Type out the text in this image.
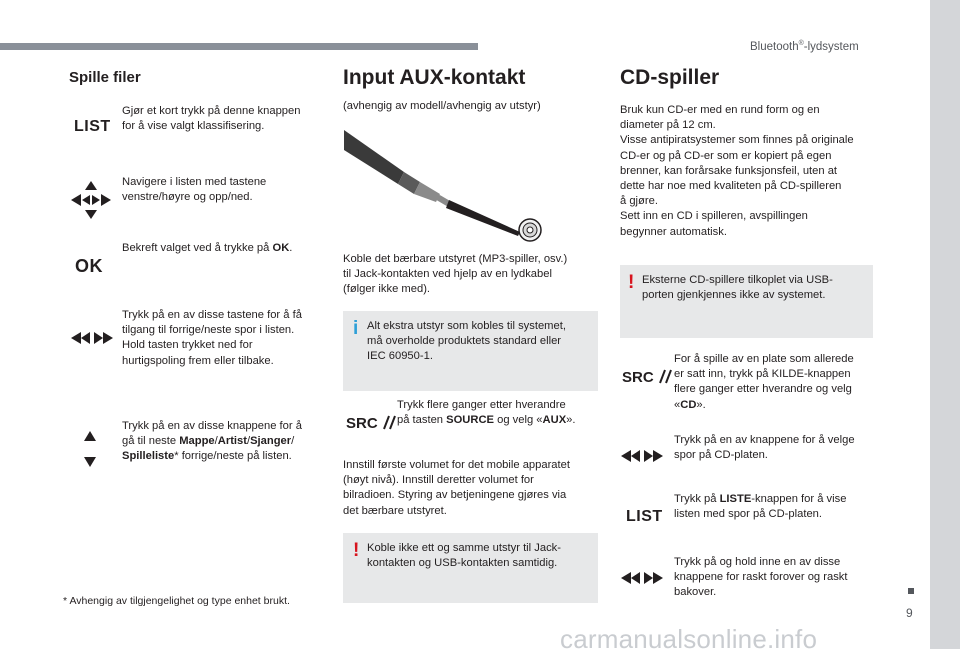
Bluetooth®-lydsystem
9
carmanualsonline.info
Spille filer
LIST
Gjør et kort trykk på denne knappen
for å vise valgt klassifisering.
Navigere i listen med tastene
venstre/høyre og opp/ned.
OK
Bekreft valget ved å trykke på OK.
Trykk på en av disse tastene for å få
tilgang til forrige/neste spor i listen.
Hold tasten trykket ned for
hurtigspoling frem eller tilbake.
Trykk på en av disse knappene for å
gå til neste Mappe/Artist/Sjanger/
Spilleliste* forrige/neste på listen.
* Avhengig av tilgjengelighet og type enhet brukt.
Input AUX-kontakt
(avhengig av modell/avhengig av utstyr)
Koble det bærbare utstyret (MP3-spiller, osv.)
til Jack-kontakten ved hjelp av en lydkabel
(følger ikke med).
i Alt ekstra utstyr som kobles til systemet,
må overholde produktets standard eller
IEC 60950-1.
SRC
Trykk flere ganger etter hverandre
på tasten SOURCE og velg «AUX».
Innstill første volumet for det mobile apparatet
(høyt nivå). Innstill deretter volumet for
bilradioen. Styring av betjeningene gjøres via
det bærbare utstyret.
! Koble ikke ett og samme utstyr til Jack-
kontakten og USB-kontakten samtidig.
CD-spiller
Bruk kun CD-er med en rund form og en
diameter på 12 cm.
Visse antipiratsystemer som finnes på originale
CD-er og på CD-er som er kopiert på egen
brenner, kan forårsake funksjonsfeil, uten at
dette har noe med kvaliteten på CD-spilleren
å gjøre.
Sett inn en CD i spilleren, avspillingen
begynner automatisk.
! Eksterne CD-spillere tilkoplet via USB-
porten gjenkjennes ikke av systemet.
SRC
For å spille av en plate som allerede
er satt inn, trykk på KILDE-knappen
flere ganger etter hverandre og velg
«CD».
Trykk på en av knappene for å velge
spor på CD-platen.
LIST
Trykk på LISTE-knappen for å vise
listen med spor på CD-platen.
Trykk på og hold inne en av disse
knappene for raskt forover og raskt
bakover.
